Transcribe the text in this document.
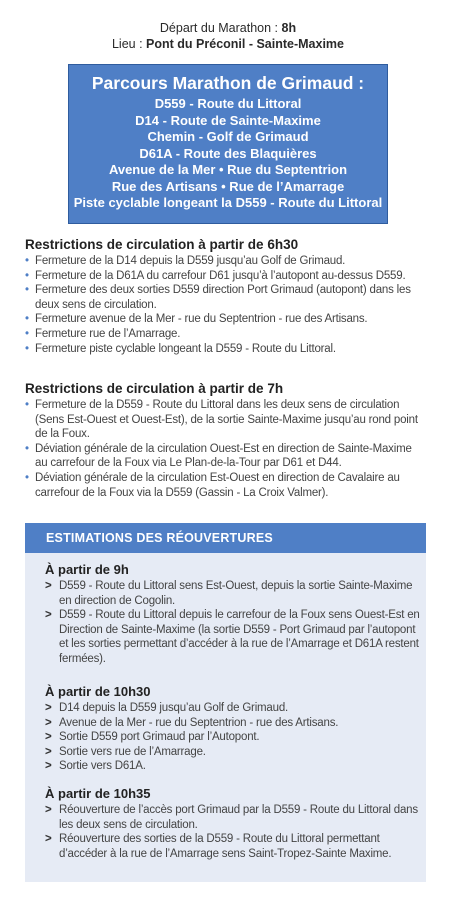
Départ du Marathon : 8h
Lieu : Pont du Préconil - Sainte-Maxime
Parcours Marathon de Grimaud :
D559 - Route du Littoral
D14 - Route de Sainte-Maxime
Chemin - Golf de Grimaud
D61A - Route des Blaquières
Avenue de la Mer • Rue du Septentrion
Rue des Artisans • Rue de l’Amarrage
Piste cyclable longeant la D559 - Route du Littoral
Restrictions de circulation à partir de 6h30
• Fermeture de la D14 depuis la D559 jusqu’au Golf de Grimaud.
• Fermeture de la D61A du carrefour D61 jusqu’à l’autopont au-dessus D559.
• Fermeture des deux sorties D559 direction Port Grimaud (autopont) dans les deux sens de circulation.
• Fermeture avenue de la Mer - rue du Septentrion - rue des Artisans.
• Fermeture rue de l’Amarrage.
• Fermeture piste cyclable longeant la D559 - Route du Littoral.
Restrictions de circulation à partir de 7h
• Fermeture de la D559 - Route du Littoral dans les deux sens de circulation (Sens Est-Ouest et Ouest-Est), de la sortie Sainte-Maxime jusqu’au rond point de la Foux.
• Déviation générale de la circulation Ouest-Est en direction de Sainte-Maxime au carrefour de la Foux via Le Plan-de-la-Tour par D61 et D44.
• Déviation générale de la circulation Est-Ouest en direction de Cavalaire au carrefour de la Foux via la D559 (Gassin - La Croix Valmer).
ESTIMATIONS DES RÉOUVERTURES
À partir de 9h
> D559 - Route du Littoral sens Est-Ouest, depuis la sortie Sainte-Maxime en direction de Cogolin.
> D559 - Route du Littoral depuis le carrefour de la Foux sens Ouest-Est en Direction de Sainte-Maxime (la sortie D559 - Port Grimaud par l’autopont et les sorties permettant d’accéder à la rue de l’Amarrage et D61A restent fermées).
À partir de 10h30
> D14 depuis la D559 jusqu’au Golf de Grimaud.
> Avenue de la Mer - rue du Septentrion - rue des Artisans.
> Sortie D559 port Grimaud par l’Autopont.
> Sortie vers rue de l’Amarrage.
> Sortie vers D61A.
À partir de 10h35
> Réouverture de l’accès port Grimaud par la D559 - Route du Littoral dans les deux sens de circulation.
> Réouverture des sorties de la D559 - Route du Littoral permettant d’accéder à la rue de l’Amarrage sens Saint-Tropez-Sainte Maxime.
